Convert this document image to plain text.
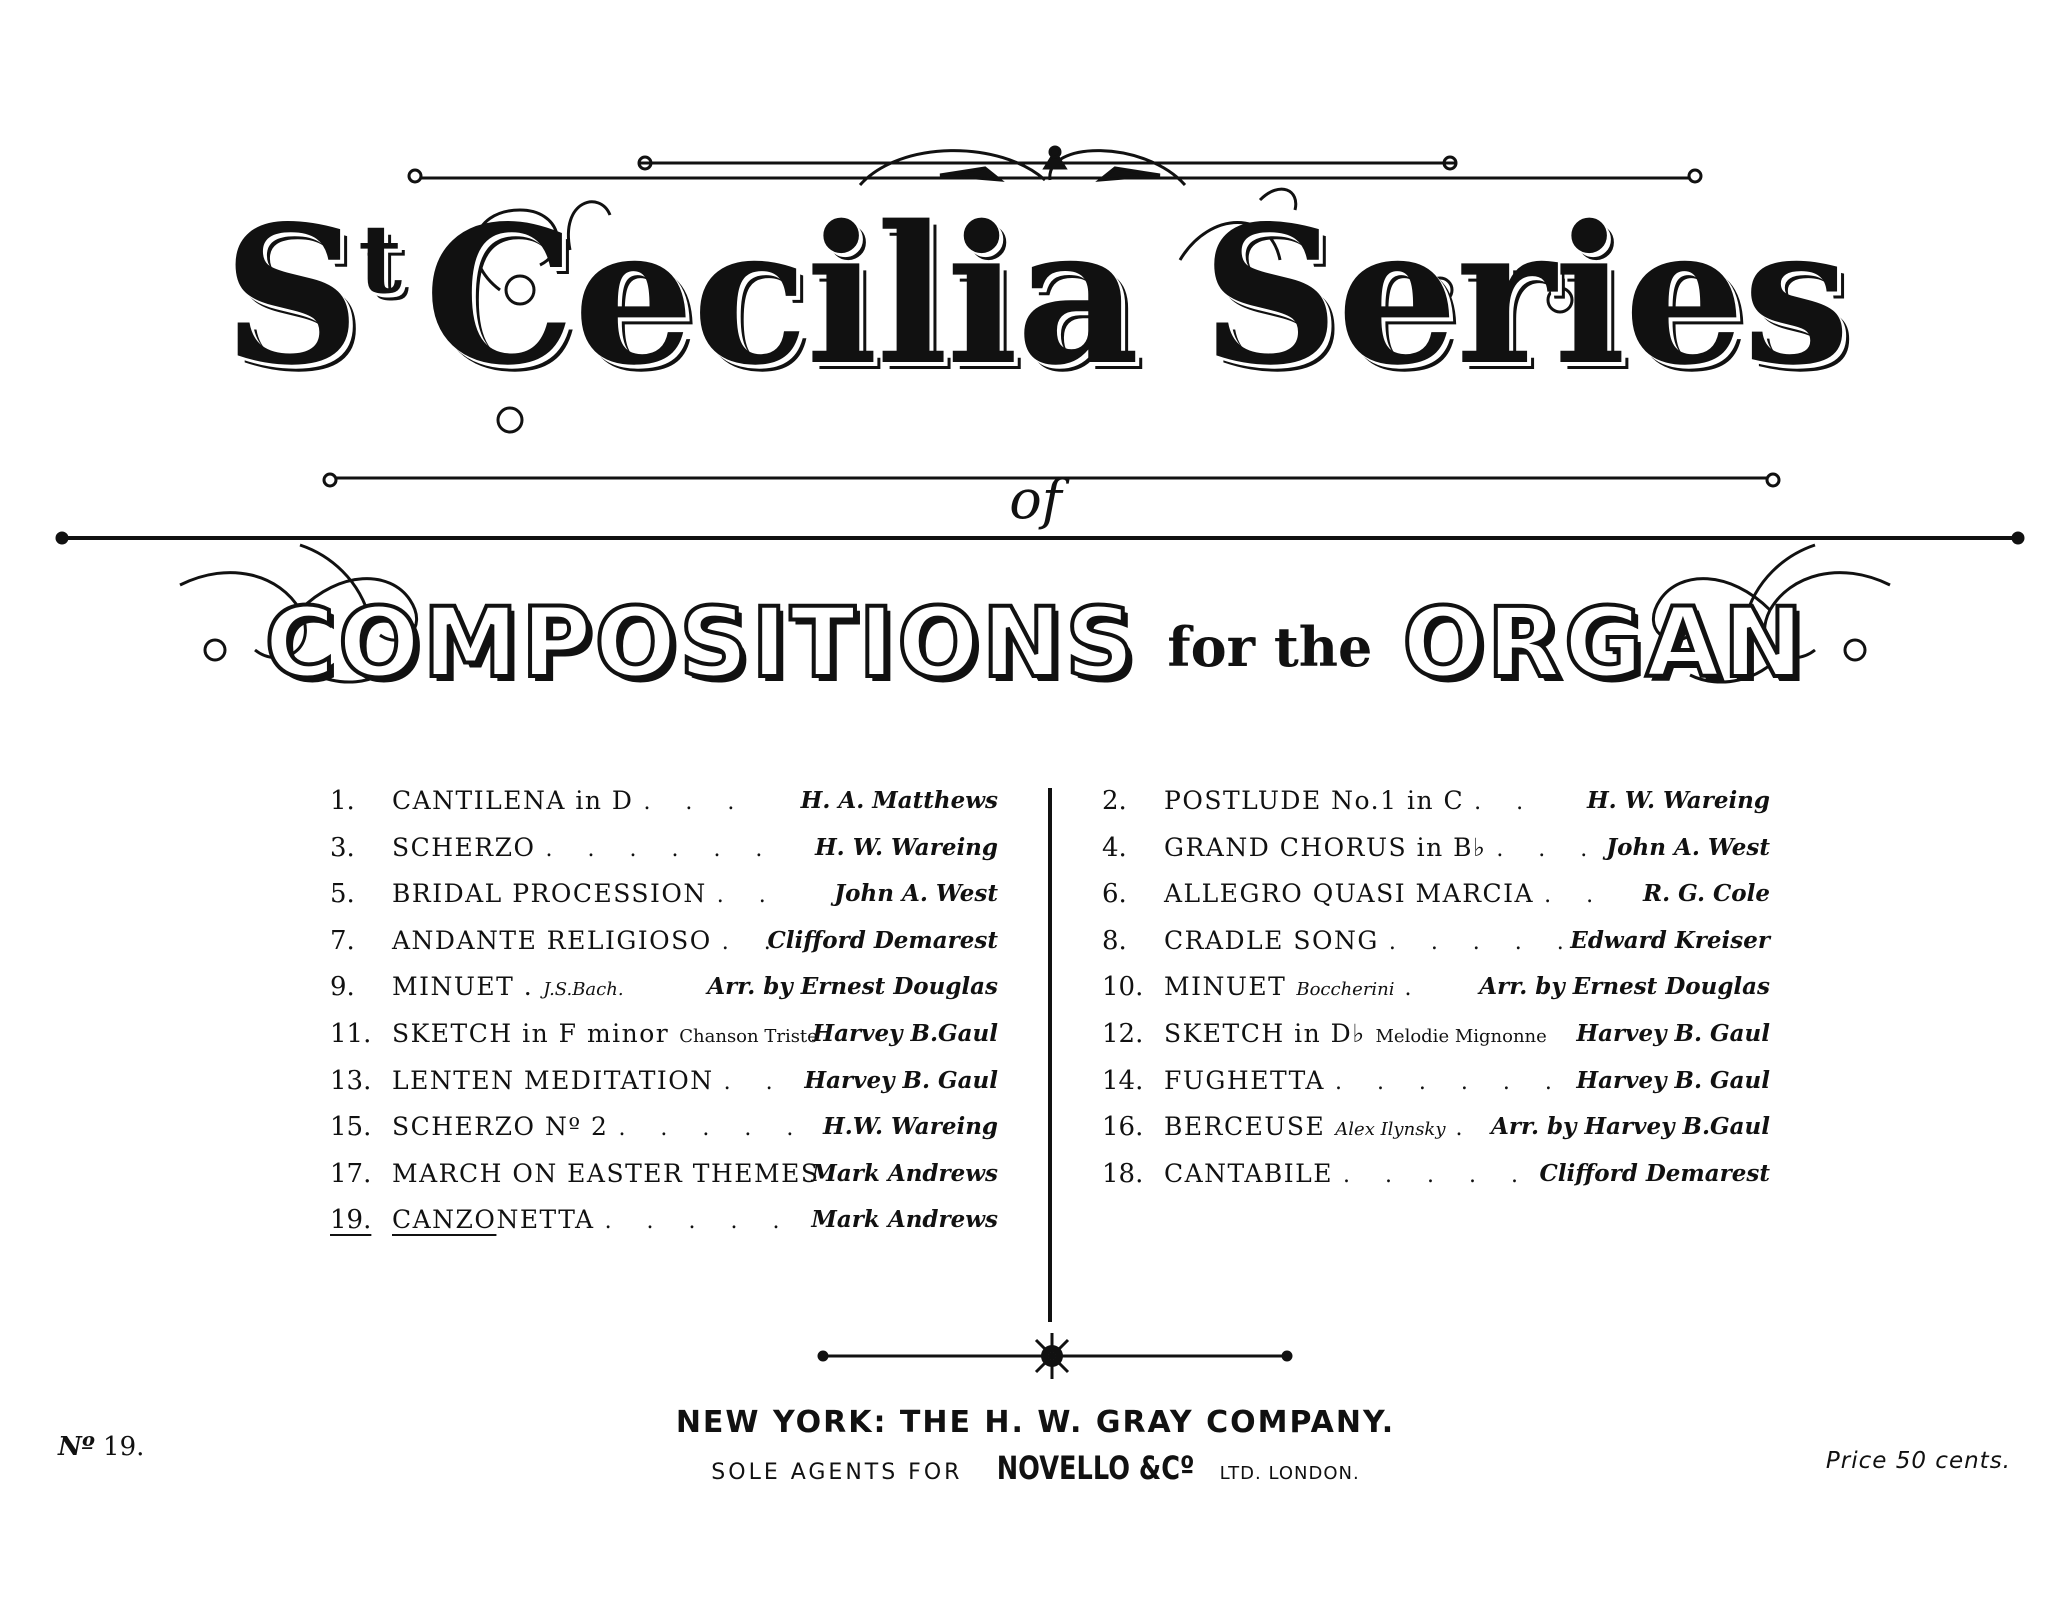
$S^t$ Cecilia Series
of
COMPOSITIONS for the ORGAN
1. CANTILENA in D . . . H. A. Matthews
3. SCHERZO . . . . . . H. W. Wareing
5. BRIDAL PROCESSION . . John A. West
7. ANDANTE RELIGIOSO . .
Clifford Demarest
9. MINUET . J.S.Bach.	Arr. by Ernest Douglas
11. SKETCH in F minor Chanson Triste
Harvey B.Gaul
13. LENTEN MEDITATION . . Harvey B. Gaul
15. SCHERZO Nº 2 . . . . . H.W. Wareing
17. MARCH ON EASTER THEMES
Mark Andrews
19. CANZONETTA . . . . . Mark Andrews
2. POSTLUDE No.1 in C . . H. W. Wareing
4. GRAND CHORUS in B♭ . . . John A. West
6. ALLEGRO QUASI MARCIA . . R. G. Cole
8. CRADLE SONG . . . . .
Edward Kreiser
10. MINUET Boccherini . Arr. by Ernest Douglas
12. SKETCH in D♭ Melodie Mignonne Harvey B. Gaul
14. FUGHETTA . . . . . . Harvey B. Gaul
16. BERCEUSE Alex Ilynsky . Arr. by Harvey B.Gaul
18. CANTABILE . . . . . Clifford Demarest
Nº 19.
NEW YORK: THE H. W. GRAY COMPANY.
SOLE AGENTS FOR NOVELLO &Cº LTD. LONDON.	Price 50 cents.
